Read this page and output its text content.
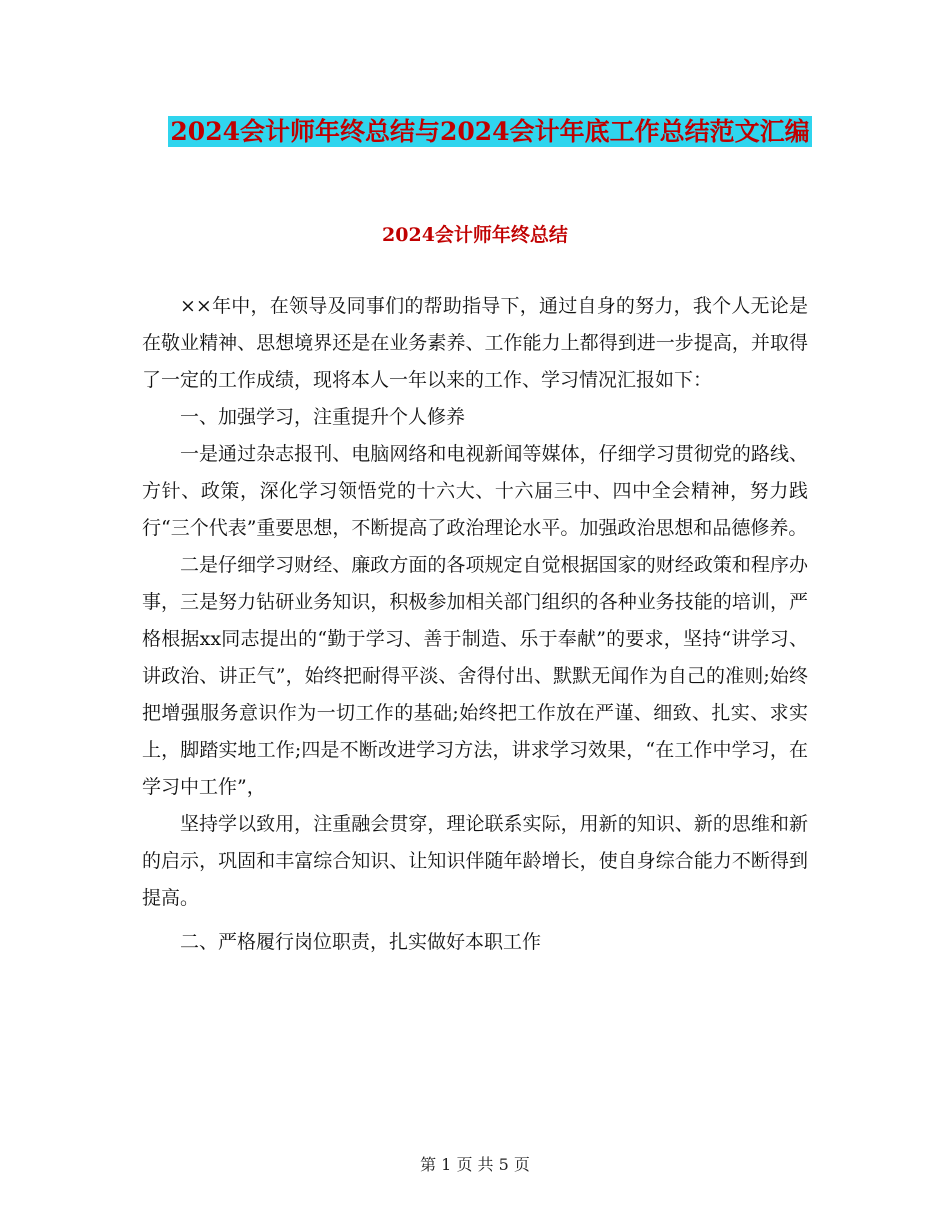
2024会计师年终总结与2024会计年底工作总结范文汇编
2024会计师年终总结

××年中，在领导及同事们的帮助指导下，通过自身的努力，我个人无论是在敬业精神、思想境界还是在业务素养、工作能力上都得到进一步提高，并取得了一定的工作成绩，现将本人一年以来的工作、学习情况汇报如下：

一、加强学习，注重提升个人修养

一是通过杂志报刊、电脑网络和电视新闻等媒体，仔细学习贯彻党的路线、方针、政策，深化学习领悟党的十六大、十六届三中、四中全会精神，努力践行“三个代表”重要思想，不断提高了政治理论水平。加强政治思想和品德修养。

二是仔细学习财经、廉政方面的各项规定自觉根据国家的财经政策和程序办事，三是努力钻研业务知识，积极参加相关部门组织的各种业务技能的培训，严格根据xx同志提出的“勤于学习、善于制造、乐于奉献”的要求，坚持“讲学习、讲政治、讲正气”，始终把耐得平淡、舍得付出、默默无闻作为自己的准则;始终把增强服务意识作为一切工作的基础;始终把工作放在严谨、细致、扎实、求实上，脚踏实地工作;四是不断改进学习方法，讲求学习效果，“在工作中学习，在学习中工作”，

坚持学以致用，注重融会贯穿，理论联系实际，用新的知识、新的思维和新的启示，巩固和丰富综合知识、让知识伴随年龄增长，使自身综合能力不断得到提高。

二、严格履行岗位职责，扎实做好本职工作

第 1 页 共 5 页
